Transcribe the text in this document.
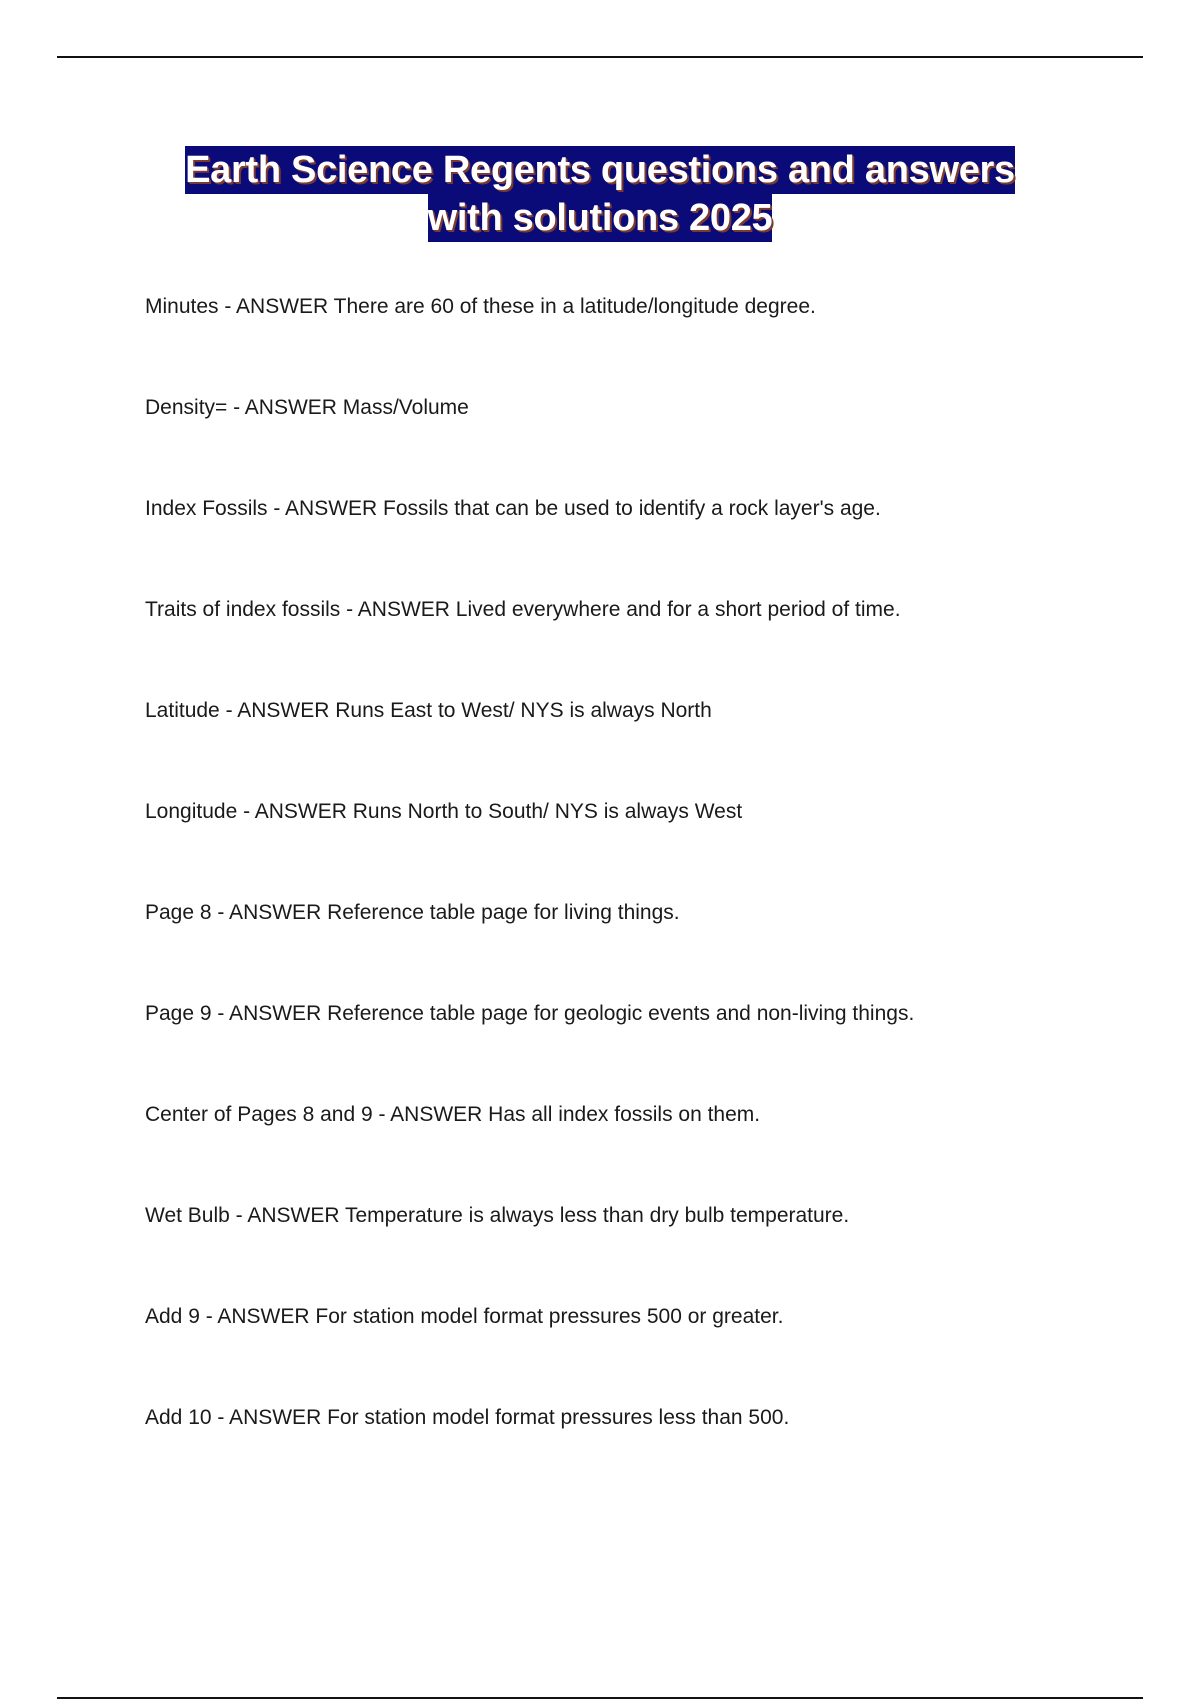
Earth Science Regents questions and answers
with solutions 2025
Minutes - ANSWER There are 60 of these in a latitude/longitude degree.
Density= - ANSWER Mass/Volume
Index Fossils - ANSWER Fossils that can be used to identify a rock layer's age.
Traits of index fossils - ANSWER Lived everywhere and for a short period of time.
Latitude - ANSWER Runs East to West/ NYS is always North
Longitude - ANSWER Runs North to South/ NYS is always West
Page 8 - ANSWER Reference table page for living things.
Page 9 - ANSWER Reference table page for geologic events and non-living things.
Center of Pages 8 and 9 - ANSWER Has all index fossils on them.
Wet Bulb - ANSWER Temperature is always less than dry bulb temperature.
Add 9 - ANSWER For station model format pressures 500 or greater.
Add 10 - ANSWER For station model format pressures less than 500.
